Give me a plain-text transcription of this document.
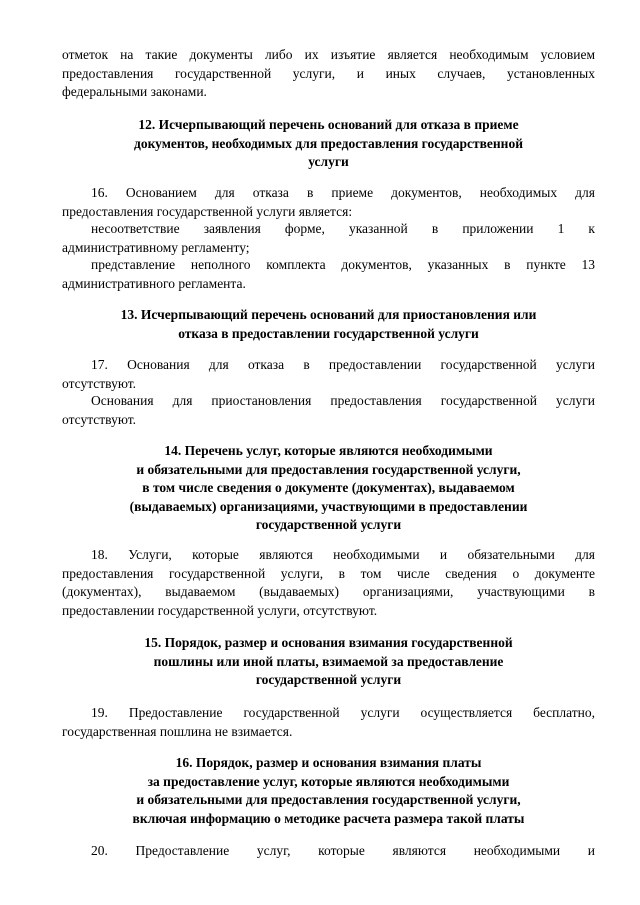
отметок на такие документы либо их изъятие является необходимым условием
предоставления государственной услуги, и иных случаев, установленных
федеральными законами.
12. Исчерпывающий перечень оснований для отказа в приеме
документов, необходимых для предоставления государственной
услуги
16. Основанием для отказа в приеме документов, необходимых для
предоставления государственной услуги является:
несоответствие заявления форме, указанной в приложении 1 к
административному регламенту;
представление неполного комплекта документов, указанных в пункте 13
административного регламента.
13. Исчерпывающий перечень оснований для приостановления или
отказа в предоставлении государственной услуги
17. Основания для отказа в предоставлении государственной услуги
отсутствуют.
Основания для приостановления предоставления государственной услуги
отсутствуют.
14. Перечень услуг, которые являются необходимыми
и обязательными для предоставления государственной услуги,
в том числе сведения о документе (документах), выдаваемом
(выдаваемых) организациями, участвующими в предоставлении
государственной услуги
18. Услуги, которые являются необходимыми и обязательными для
предоставления государственной услуги, в том числе сведения о документе
(документах), выдаваемом (выдаваемых) организациями, участвующими в
предоставлении государственной услуги, отсутствуют.
15. Порядок, размер и основания взимания государственной
пошлины или иной платы, взимаемой за предоставление
государственной услуги
19. Предоставление государственной услуги осуществляется бесплатно,
государственная пошлина не взимается.
16. Порядок, размер и основания взимания платы
за предоставление услуг, которые являются необходимыми
и обязательными для предоставления государственной услуги,
включая информацию о методике расчета размера такой платы
20. Предоставление услуг, которые являются необходимыми и
